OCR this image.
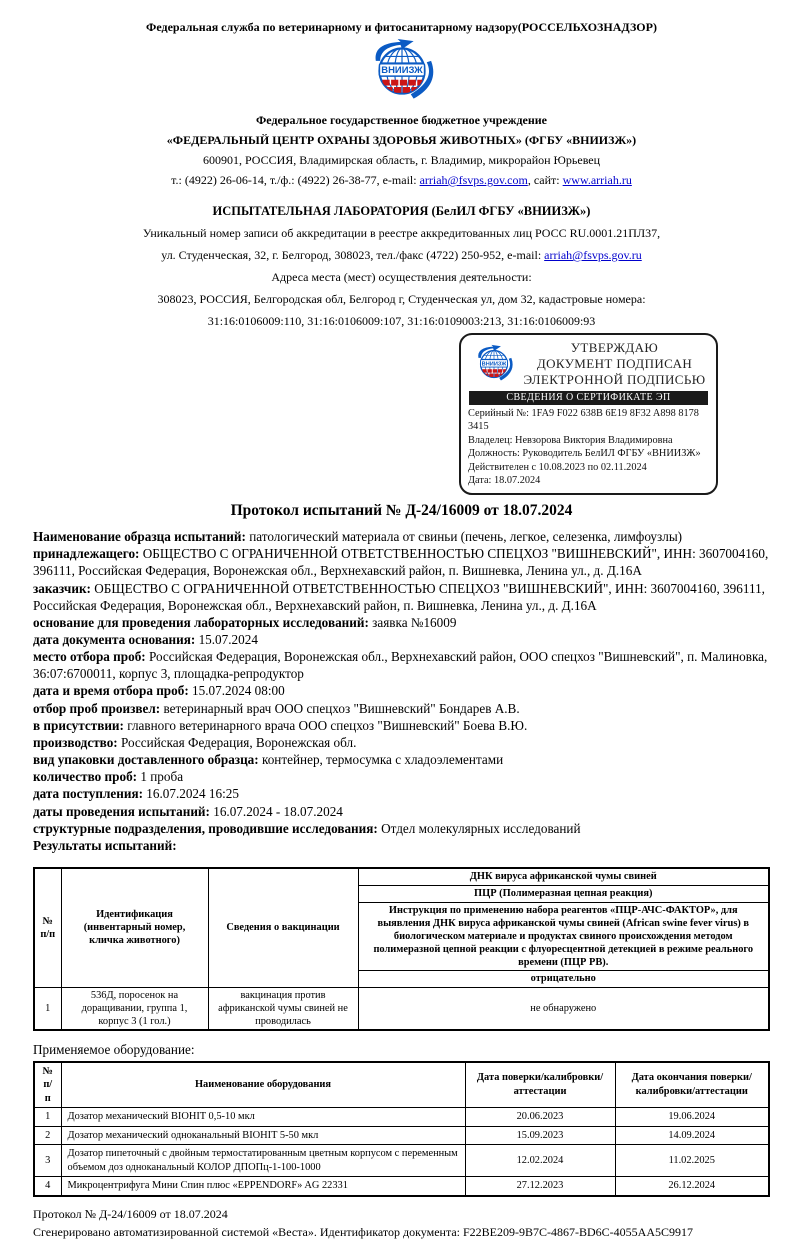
Федеральная служба по ветеринарному и фитосанитарному надзору(РОССЕЛЬХОЗНАДЗОР)
ВНИИЗЖ
Федеральное государственное бюджетное учреждение
«ФЕДЕРАЛЬНЫЙ ЦЕНТР ОХРАНЫ ЗДОРОВЬЯ ЖИВОТНЫХ» (ФГБУ «ВНИИЗЖ»)
600901, РОССИЯ, Владимирская область, г. Владимир, микрорайон Юрьевец
т.: (4922) 26-06-14, т./ф.: (4922) 26-38-77, e-mail: arriah@fsvps.gov.com, сайт: www.arriah.ru
ИСПЫТАТЕЛЬНАЯ ЛАБОРАТОРИЯ (БелИЛ ФГБУ «ВНИИЗЖ»)
Уникальный номер записи об аккредитации в реестре аккредитованных лиц РОСС RU.0001.21ПЛ37,
ул. Студенческая, 32, г. Белгород, 308023, тел./факс (4722) 250-952, e-mail: arriah@fsvps.gov.ru
Адреса места (мест) осуществления деятельности:
308023, РОССИЯ, Белгородская обл, Белгород г, Студенческая ул, дом 32, кадастровые номера:
31:16:0106009:110, 31:16:0106009:107, 31:16:0109003:213, 31:16:0106009:93
ВНИИЗЖ
УТВЕРЖДАЮ
ДОКУМЕНТ ПОДПИСАН
ЭЛЕКТРОННОЙ ПОДПИСЬЮ
СВЕДЕНИЯ О СЕРТИФИКАТЕ ЭП
Серийный №: 1FA9 F022 638B 6E19 8F32 A898 8178 3415
Владелец: Невзорова Виктория Владимировна
Должность: Руководитель БелИЛ ФГБУ «ВНИИЗЖ»
Действителен с 10.08.2023 по 02.11.2024
Дата: 18.07.2024
Протокол испытаний № Д-24/16009 от 18.07.2024
Наименование образца испытаний: патологический материала от свиньи (печень, легкое, селезенка, лимфоузлы)
принадлежащего: ОБЩЕСТВО С ОГРАНИЧЕННОЙ ОТВЕТСТВЕННОСТЬЮ СПЕЦХОЗ "ВИШНЕВСКИЙ", ИНН: 3607004160, 396111, Российская Федерация, Воронежская обл., Верхнехавский район, п. Вишневка, Ленина ул., д. Д.16А
заказчик: ОБЩЕСТВО С ОГРАНИЧЕННОЙ ОТВЕТСТВЕННОСТЬЮ СПЕЦХОЗ "ВИШНЕВСКИЙ", ИНН: 3607004160, 396111, Российская Федерация, Воронежская обл., Верхнехавский район, п. Вишневка, Ленина ул., д. Д.16А
основание для проведения лабораторных исследований: заявка №16009
дата документа основания: 15.07.2024
место отбора проб: Российская Федерация, Воронежская обл., Верхнехавский район, ООО спецхоз "Вишневский", п. Малиновка, 36:07:6700011, корпус 3, площадка-репродуктор
дата и время отбора проб: 15.07.2024 08:00
отбор проб произвел: ветеринарный врач ООО спецхоз "Вишневский" Бондарев А.В.
в присутствии: главного ветеринарного врача ООО спецхоз "Вишневский" Боева В.Ю.
производство: Российская Федерация, Воронежская обл.
вид упаковки доставленного образца: контейнер, термосумка с хладоэлементами
количество проб: 1 проба
дата поступления: 16.07.2024 16:25
даты проведения испытаний: 16.07.2024 - 18.07.2024
структурные подразделения, проводившие исследования: Отдел молекулярных исследований
Результаты испытаний:
№ п/п	Идентификация (инвентарный номер, кличка животного)	Сведения о вакцинации	ДНК вируса африканской чумы свиней
			ПЦР (Полимеразная цепная реакция)
			Инструкция по применению набора реагентов «ПЦР-АЧС-ФАКТОР», для выявления ДНК вируса африканской чумы свиней (African swine fever virus) в биологическом материале и продуктах свиного происхождения методом полимеразной цепной реакции с флуоресцентной детекцией в режиме реального времени (ПЦР РВ).
			отрицательно
1	536Д, поросенок на доращивании, группа 1, корпус 3 (1 гол.)	вакцинация против африканской чумы свиней не проводилась	не обнаружено
Применяемое оборудование:
№ п/п	Наименование оборудования	Дата поверки/калибровки/аттестации	Дата окончания поверки/калибровки/аттестации
1	Дозатор механический BIOHIT 0,5-10 мкл	20.06.2023	19.06.2024
2	Дозатор механический одноканальный BIOHIT 5-50 мкл	15.09.2023	14.09.2024
3	Дозатор пипеточный с двойным термостатированным цветным корпусом с переменным объемом доз одноканальный КОЛОР ДПОПц-1-100-1000	12.02.2024	11.02.2025
4	Микроцентрифуга Мини Спин плюс «EPPENDORF» AG 22331	27.12.2023	26.12.2024
Протокол № Д-24/16009 от 18.07.2024
Сгенерировано автоматизированной системой «Веста». Идентификатор документа: F22BE209-9B7C-4867-BD6C-4055AA5C9917
